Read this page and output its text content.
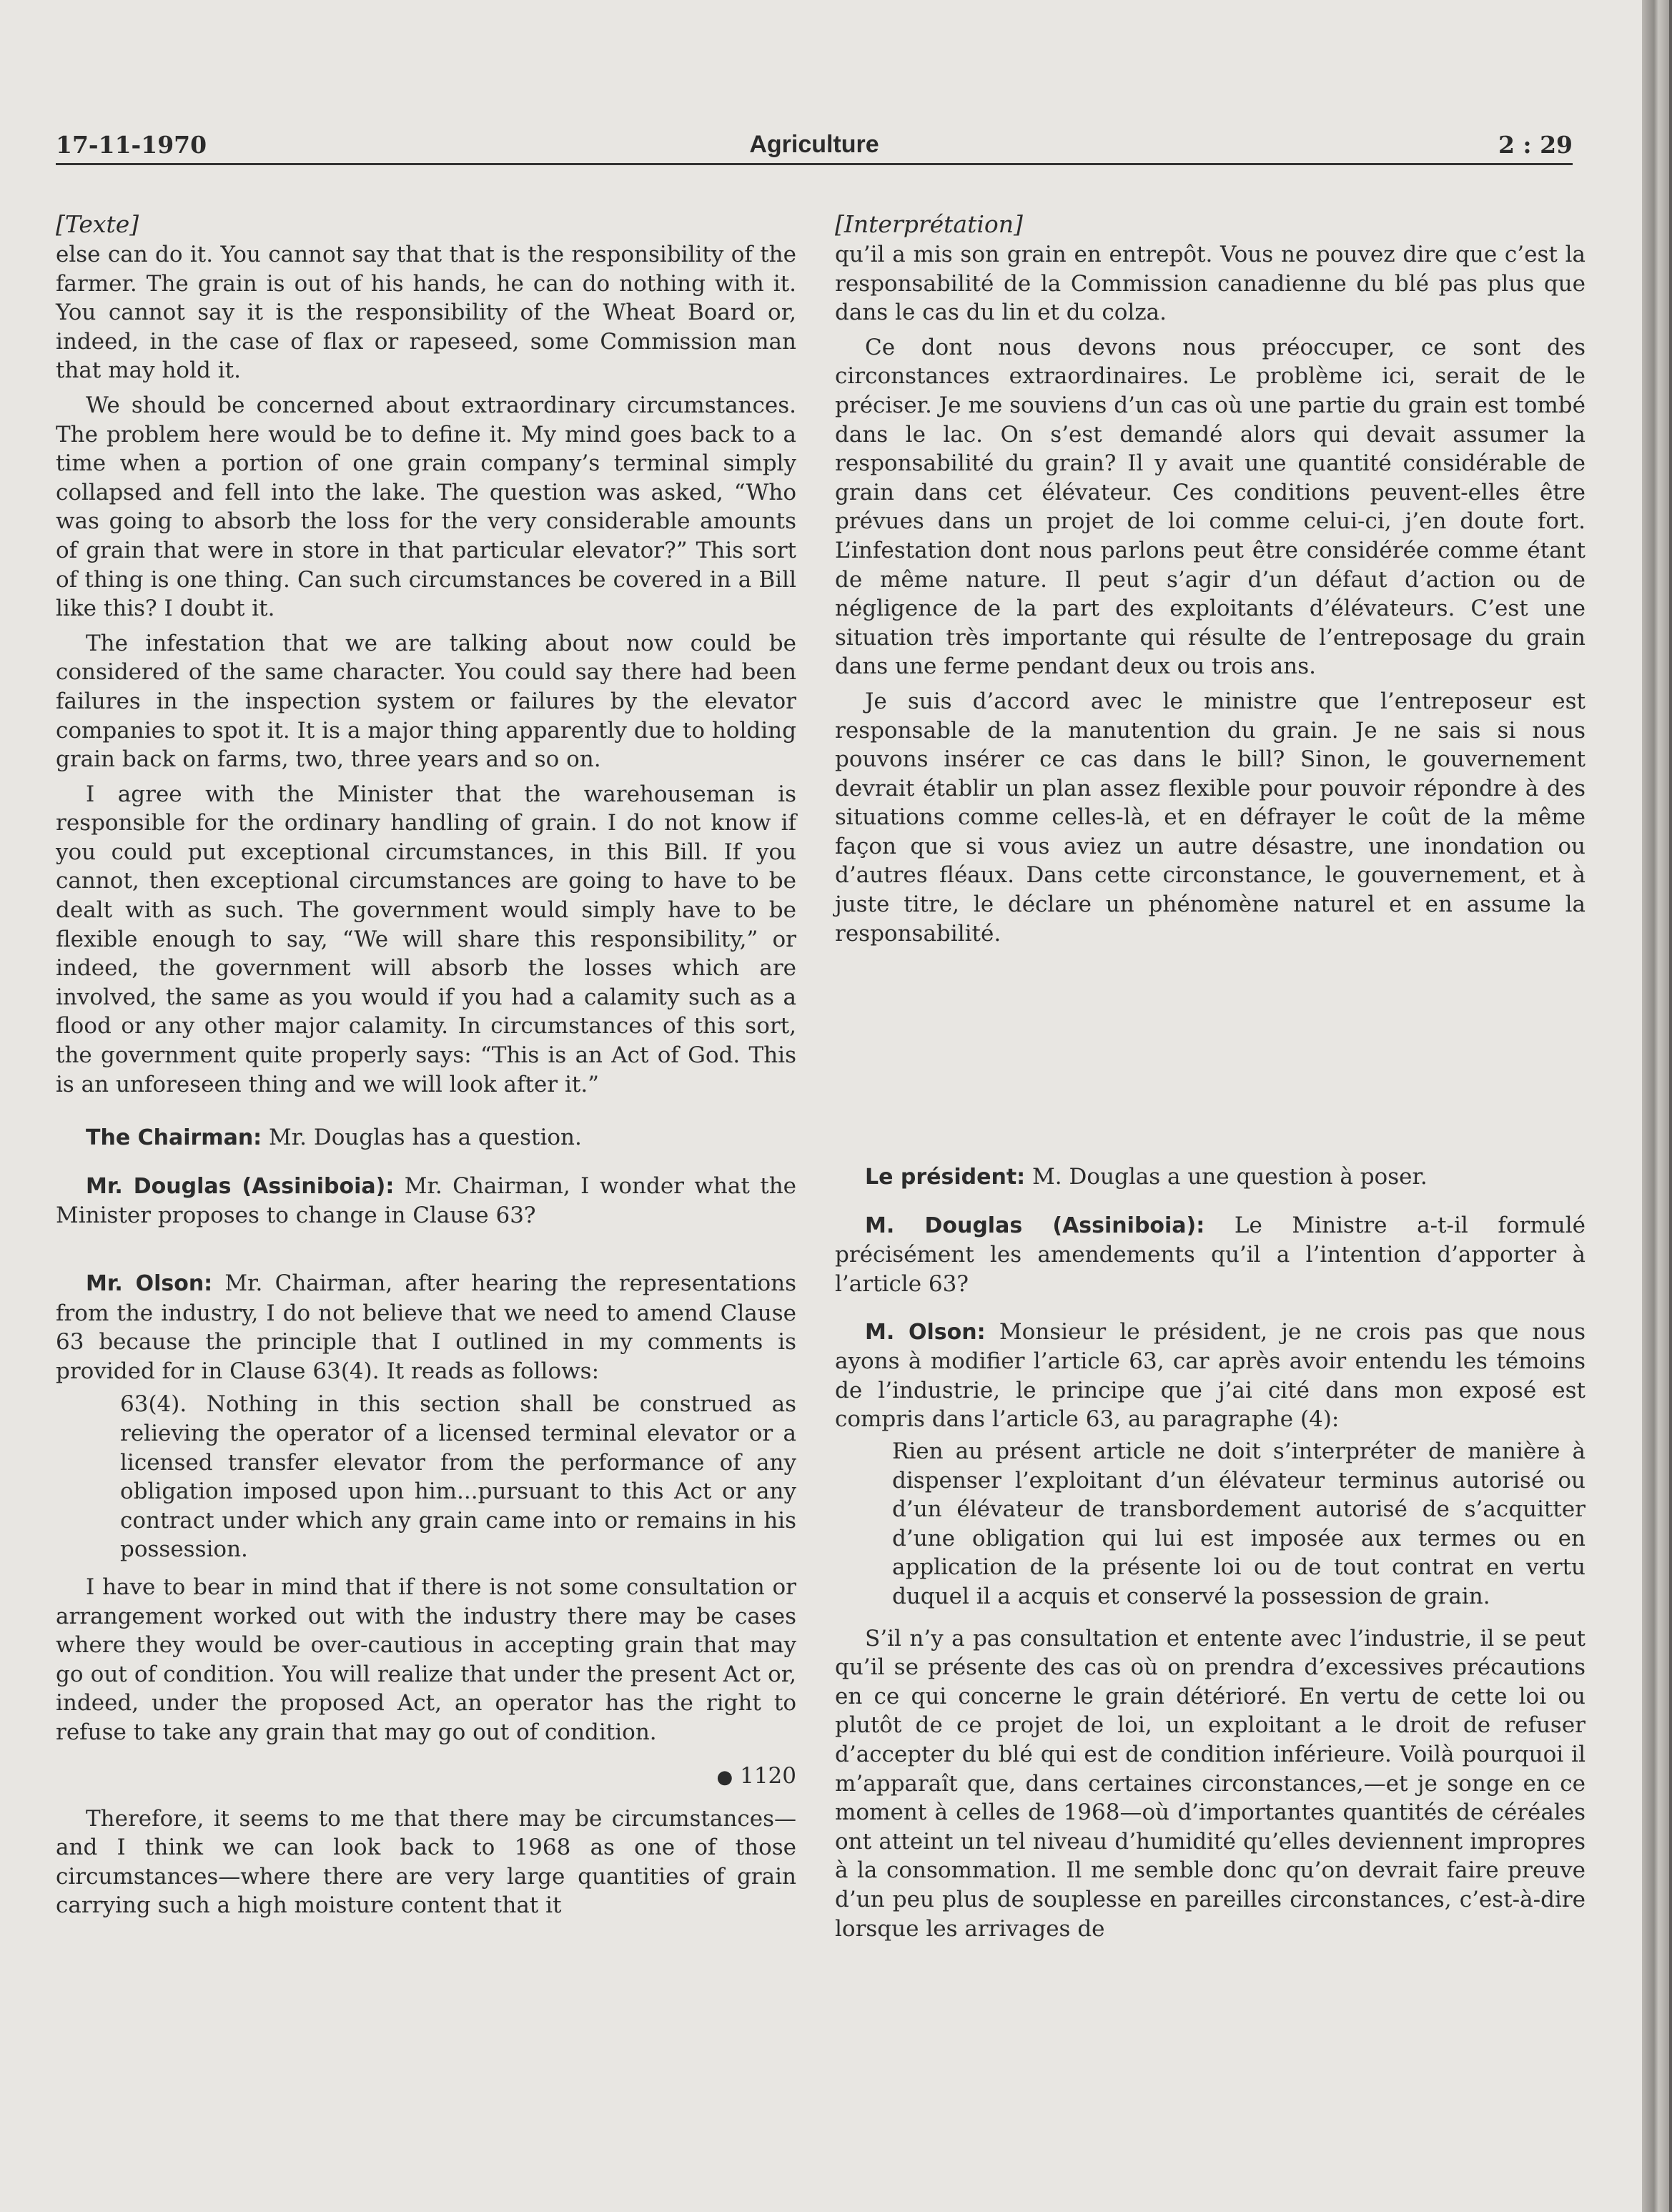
17-11-1970	Agriculture	2 : 29
[Texte]

else can do it. You cannot say that that is the responsibility of the farmer. The grain is out of his hands, he can do nothing with it. You cannot say it is the responsibility of the Wheat Board or, indeed, in the case of flax or rapeseed, some Commission man that may hold it.

We should be concerned about extraordinary circumstances. The problem here would be to define it. My mind goes back to a time when a portion of one grain company’s terminal simply collapsed and fell into the lake. The question was asked, “Who was going to absorb the loss for the very considerable amounts of grain that were in store in that particular elevator?” This sort of thing is one thing. Can such circumstances be covered in a Bill like this? I doubt it.

The infestation that we are talking about now could be considered of the same character. You could say there had been failures in the inspection system or failures by the elevator companies to spot it. It is a major thing apparently due to holding grain back on farms, two, three years and so on.

I agree with the Minister that the warehouseman is responsible for the ordinary handling of grain. I do not know if you could put exceptional circumstances, in this Bill. If you cannot, then exceptional circumstances are going to have to be dealt with as such. The government would simply have to be flexible enough to say, “We will share this responsibility,” or indeed, the government will absorb the losses which are involved, the same as you would if you had a calamity such as a flood or any other major calamity. In circumstances of this sort, the government quite properly says: “This is an Act of God. This is an unforeseen thing and we will look after it.”

The Chairman: Mr. Douglas has a question.

Mr. Douglas (Assiniboia): Mr. Chairman, I wonder what the Minister proposes to change in Clause 63?

Mr. Olson: Mr. Chairman, after hearing the representations from the industry, I do not believe that we need to amend Clause 63 because the principle that I outlined in my comments is provided for in Clause 63(4). It reads as follows:

63(4). Nothing in this section shall be construed as relieving the operator of a licensed terminal elevator or a licensed transfer elevator from the performance of any obligation imposed upon him...pursuant to this Act or any contract under which any grain came into or remains in his possession.

I have to bear in mind that if there is not some consultation or arrangement worked out with the industry there may be cases where they would be over-cautious in accepting grain that may go out of condition. You will realize that under the present Act or, indeed, under the proposed Act, an operator has the right to refuse to take any grain that may go out of condition.

● 1120

Therefore, it seems to me that there may be circumstances—and I think we can look back to 1968 as one of those circumstances—where there are very large quantities of grain carrying such a high moisture content that it

[Interprétation]

qu’il a mis son grain en entrepôt. Vous ne pouvez dire que c’est la responsabilité de la Commission canadienne du blé pas plus que dans le cas du lin et du colza.

Ce dont nous devons nous préoccuper, ce sont des circonstances extraordinaires. Le problème ici, serait de le préciser. Je me souviens d’un cas où une partie du grain est tombé dans le lac. On s’est demandé alors qui devait assumer la responsabilité du grain? Il y avait une quantité considérable de grain dans cet élévateur. Ces conditions peuvent-elles être prévues dans un projet de loi comme celui-ci, j’en doute fort. L’infestation dont nous parlons peut être considérée comme étant de même nature. Il peut s’agir d’un défaut d’action ou de négligence de la part des exploitants d’élévateurs. C’est une situation très importante qui résulte de l’entreposage du grain dans une ferme pendant deux ou trois ans.

Je suis d’accord avec le ministre que l’entreposeur est responsable de la manutention du grain. Je ne sais si nous pouvons insérer ce cas dans le bill? Sinon, le gouvernement devrait établir un plan assez flexible pour pouvoir répondre à des situations comme celles-là, et en défrayer le coût de la même façon que si vous aviez un autre désastre, une inondation ou d’autres fléaux. Dans cette circonstance, le gouvernement, et à juste titre, le déclare un phénomène naturel et en assume la responsabilité.

Le président: M. Douglas a une question à poser.

M. Douglas (Assiniboia): Le Ministre a-t-il formulé précisément les amendements qu’il a l’intention d’apporter à l’article 63?

M. Olson: Monsieur le président, je ne crois pas que nous ayons à modifier l’article 63, car après avoir entendu les témoins de l’industrie, le principe que j’ai cité dans mon exposé est compris dans l’article 63, au paragraphe (4):

Rien au présent article ne doit s’interpréter de manière à dispenser l’exploitant d’un élévateur terminus autorisé ou d’un élévateur de transbordement autorisé de s’acquitter d’une obligation qui lui est imposée aux termes ou en application de la présente loi ou de tout contrat en vertu duquel il a acquis et conservé la possession de grain.

S’il n’y a pas consultation et entente avec l’industrie, il se peut qu’il se présente des cas où on prendra d’excessives précautions en ce qui concerne le grain détérioré. En vertu de cette loi ou plutôt de ce projet de loi, un exploitant a le droit de refuser d’accepter du blé qui est de condition inférieure. Voilà pourquoi il m’apparaît que, dans certaines circonstances,—et je songe en ce moment à celles de 1968—où d’importantes quantités de céréales ont atteint un tel niveau d’humidité qu’elles deviennent impropres à la consommation. Il me semble donc qu’on devrait faire preuve d’un peu plus de souplesse en pareilles circonstances, c’est-à-dire lorsque les arrivages de
